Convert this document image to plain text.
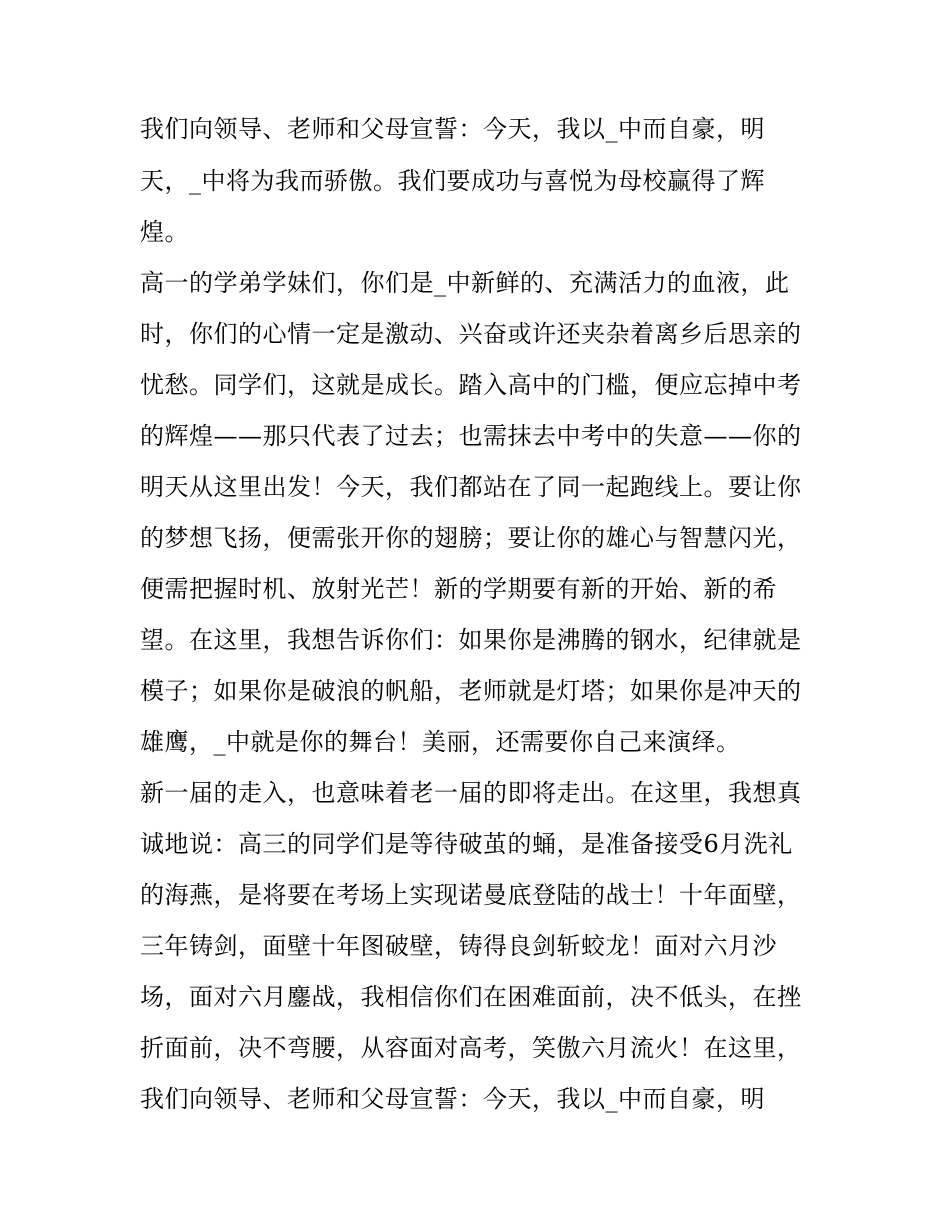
我们向领导、老师和父母宣誓：今天，我以_中而自豪，明
天，_中将为我而骄傲。我们要成功与喜悦为母校赢得了辉
煌。
高一的学弟学妹们，你们是_中新鲜的、充满活力的血液，此
时，你们的心情一定是激动、兴奋或许还夹杂着离乡后思亲的
忧愁。同学们，这就是成长。踏入高中的门槛，便应忘掉中考
的辉煌——那只代表了过去；也需抹去中考中的失意——你的
明天从这里出发！今天，我们都站在了同一起跑线上。要让你
的梦想飞扬，便需张开你的翅膀；要让你的雄心与智慧闪光，
便需把握时机、放射光芒！新的学期要有新的开始、新的希
望。在这里，我想告诉你们：如果你是沸腾的钢水，纪律就是
模子；如果你是破浪的帆船，老师就是灯塔；如果你是冲天的
雄鹰，_中就是你的舞台！美丽，还需要你自己来演绎。
新一届的走入，也意味着老一届的即将走出。在这里，我想真
诚地说：高三的同学们是等待破茧的蛹，是准备接受6月洗礼
的海燕，是将要在考场上实现诺曼底登陆的战士！十年面壁，
三年铸剑，面壁十年图破壁，铸得良剑斩蛟龙！面对六月沙
场，面对六月鏖战，我相信你们在困难面前，决不低头，在挫
折面前，决不弯腰，从容面对高考，笑傲六月流火！在这里，
我们向领导、老师和父母宣誓：今天，我以_中而自豪，明
